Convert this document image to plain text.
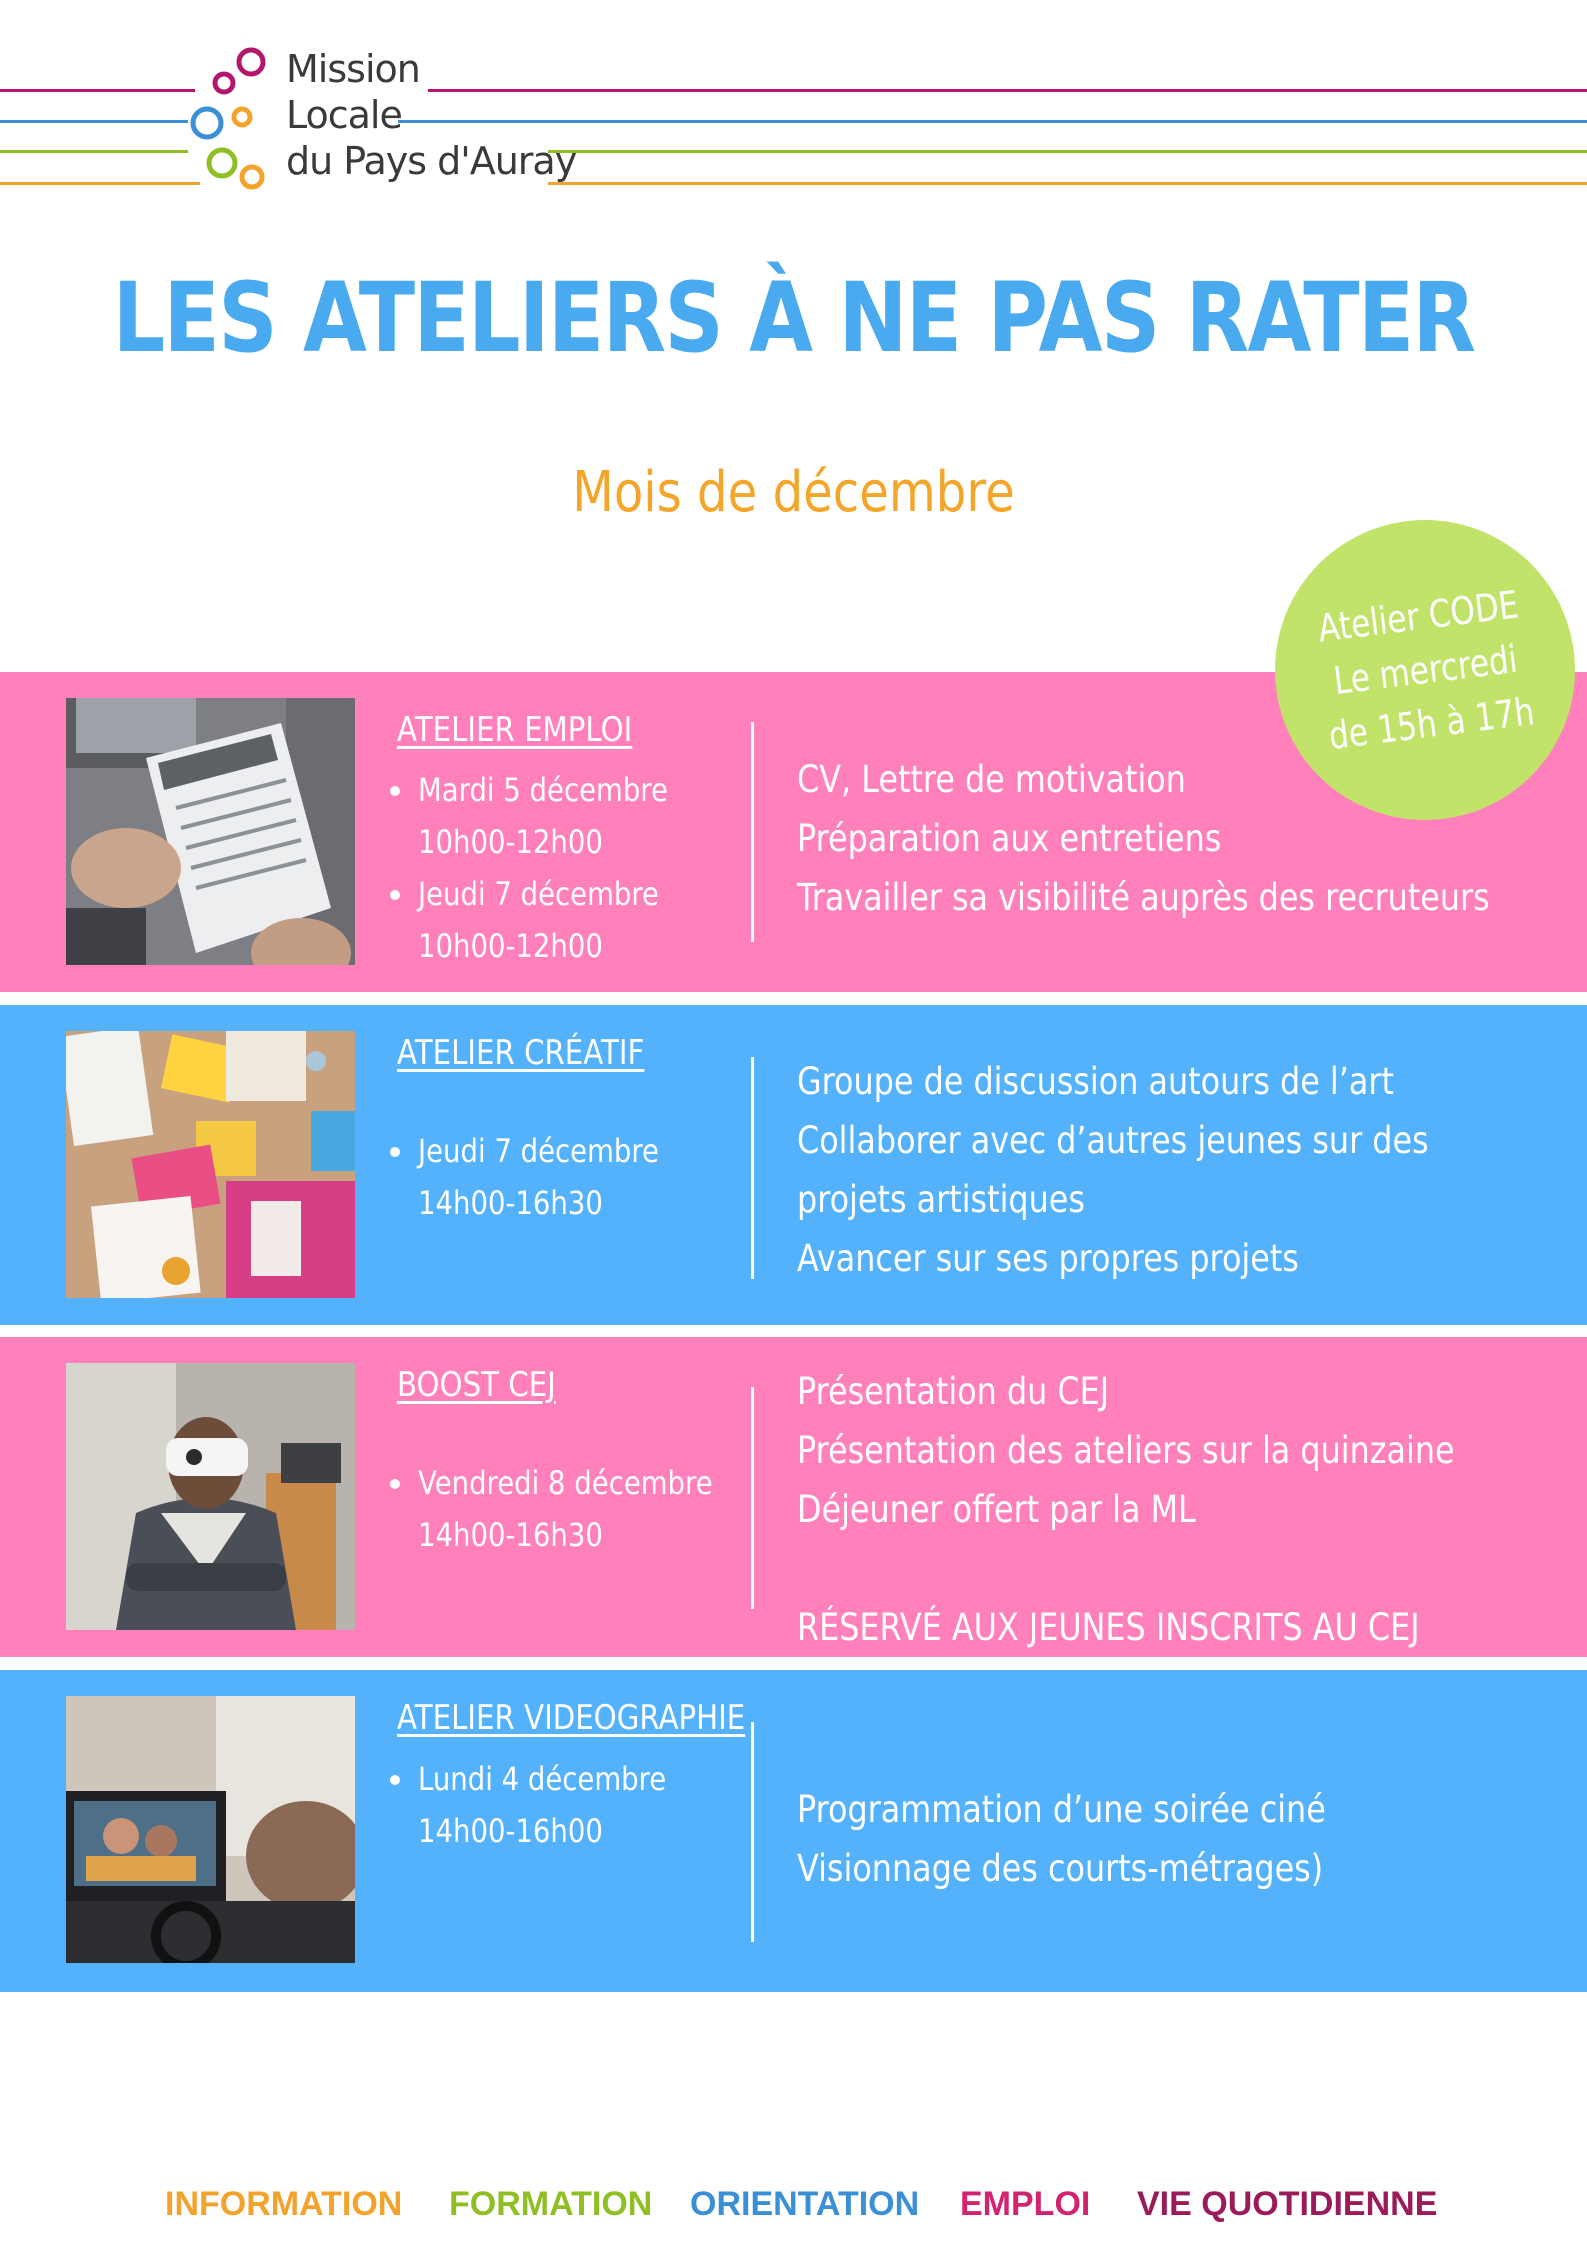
Mission
Locale
du Pays d'Auray
LES ATELIERS À NE PAS RATER
Mois de décembre
Atelier CODE
Le mercredi
de 15h à 17h
ATELIER EMPLOI
Mardi 5 décembre
10h00-12h00
Jeudi 7 décembre
10h00-12h00
CV, Lettre de motivation
Préparation aux entretiens
Travailler sa visibilité auprès des recruteurs
ATELIER CRÉATIF
Jeudi 7 décembre
14h00-16h30
Groupe de discussion autours de l’art
Collaborer avec d’autres jeunes sur des
projets artistiques
Avancer sur ses propres projets
BOOST CEJ
Vendredi 8 décembre
14h00-16h30
Présentation du CEJ
Présentation des ateliers sur la quinzaine
Déjeuner offert par la ML
RÉSERVÉ AUX JEUNES INSCRITS AU CEJ
ATELIER VIDEOGRAPHIE
Lundi 4 décembre
14h00-16h00	Programmation d’une soirée ciné
Visionnage des courts-métrages)
INFORMATION FORMATION ORIENTATION EMPLOI VIE QUOTIDIENNE
